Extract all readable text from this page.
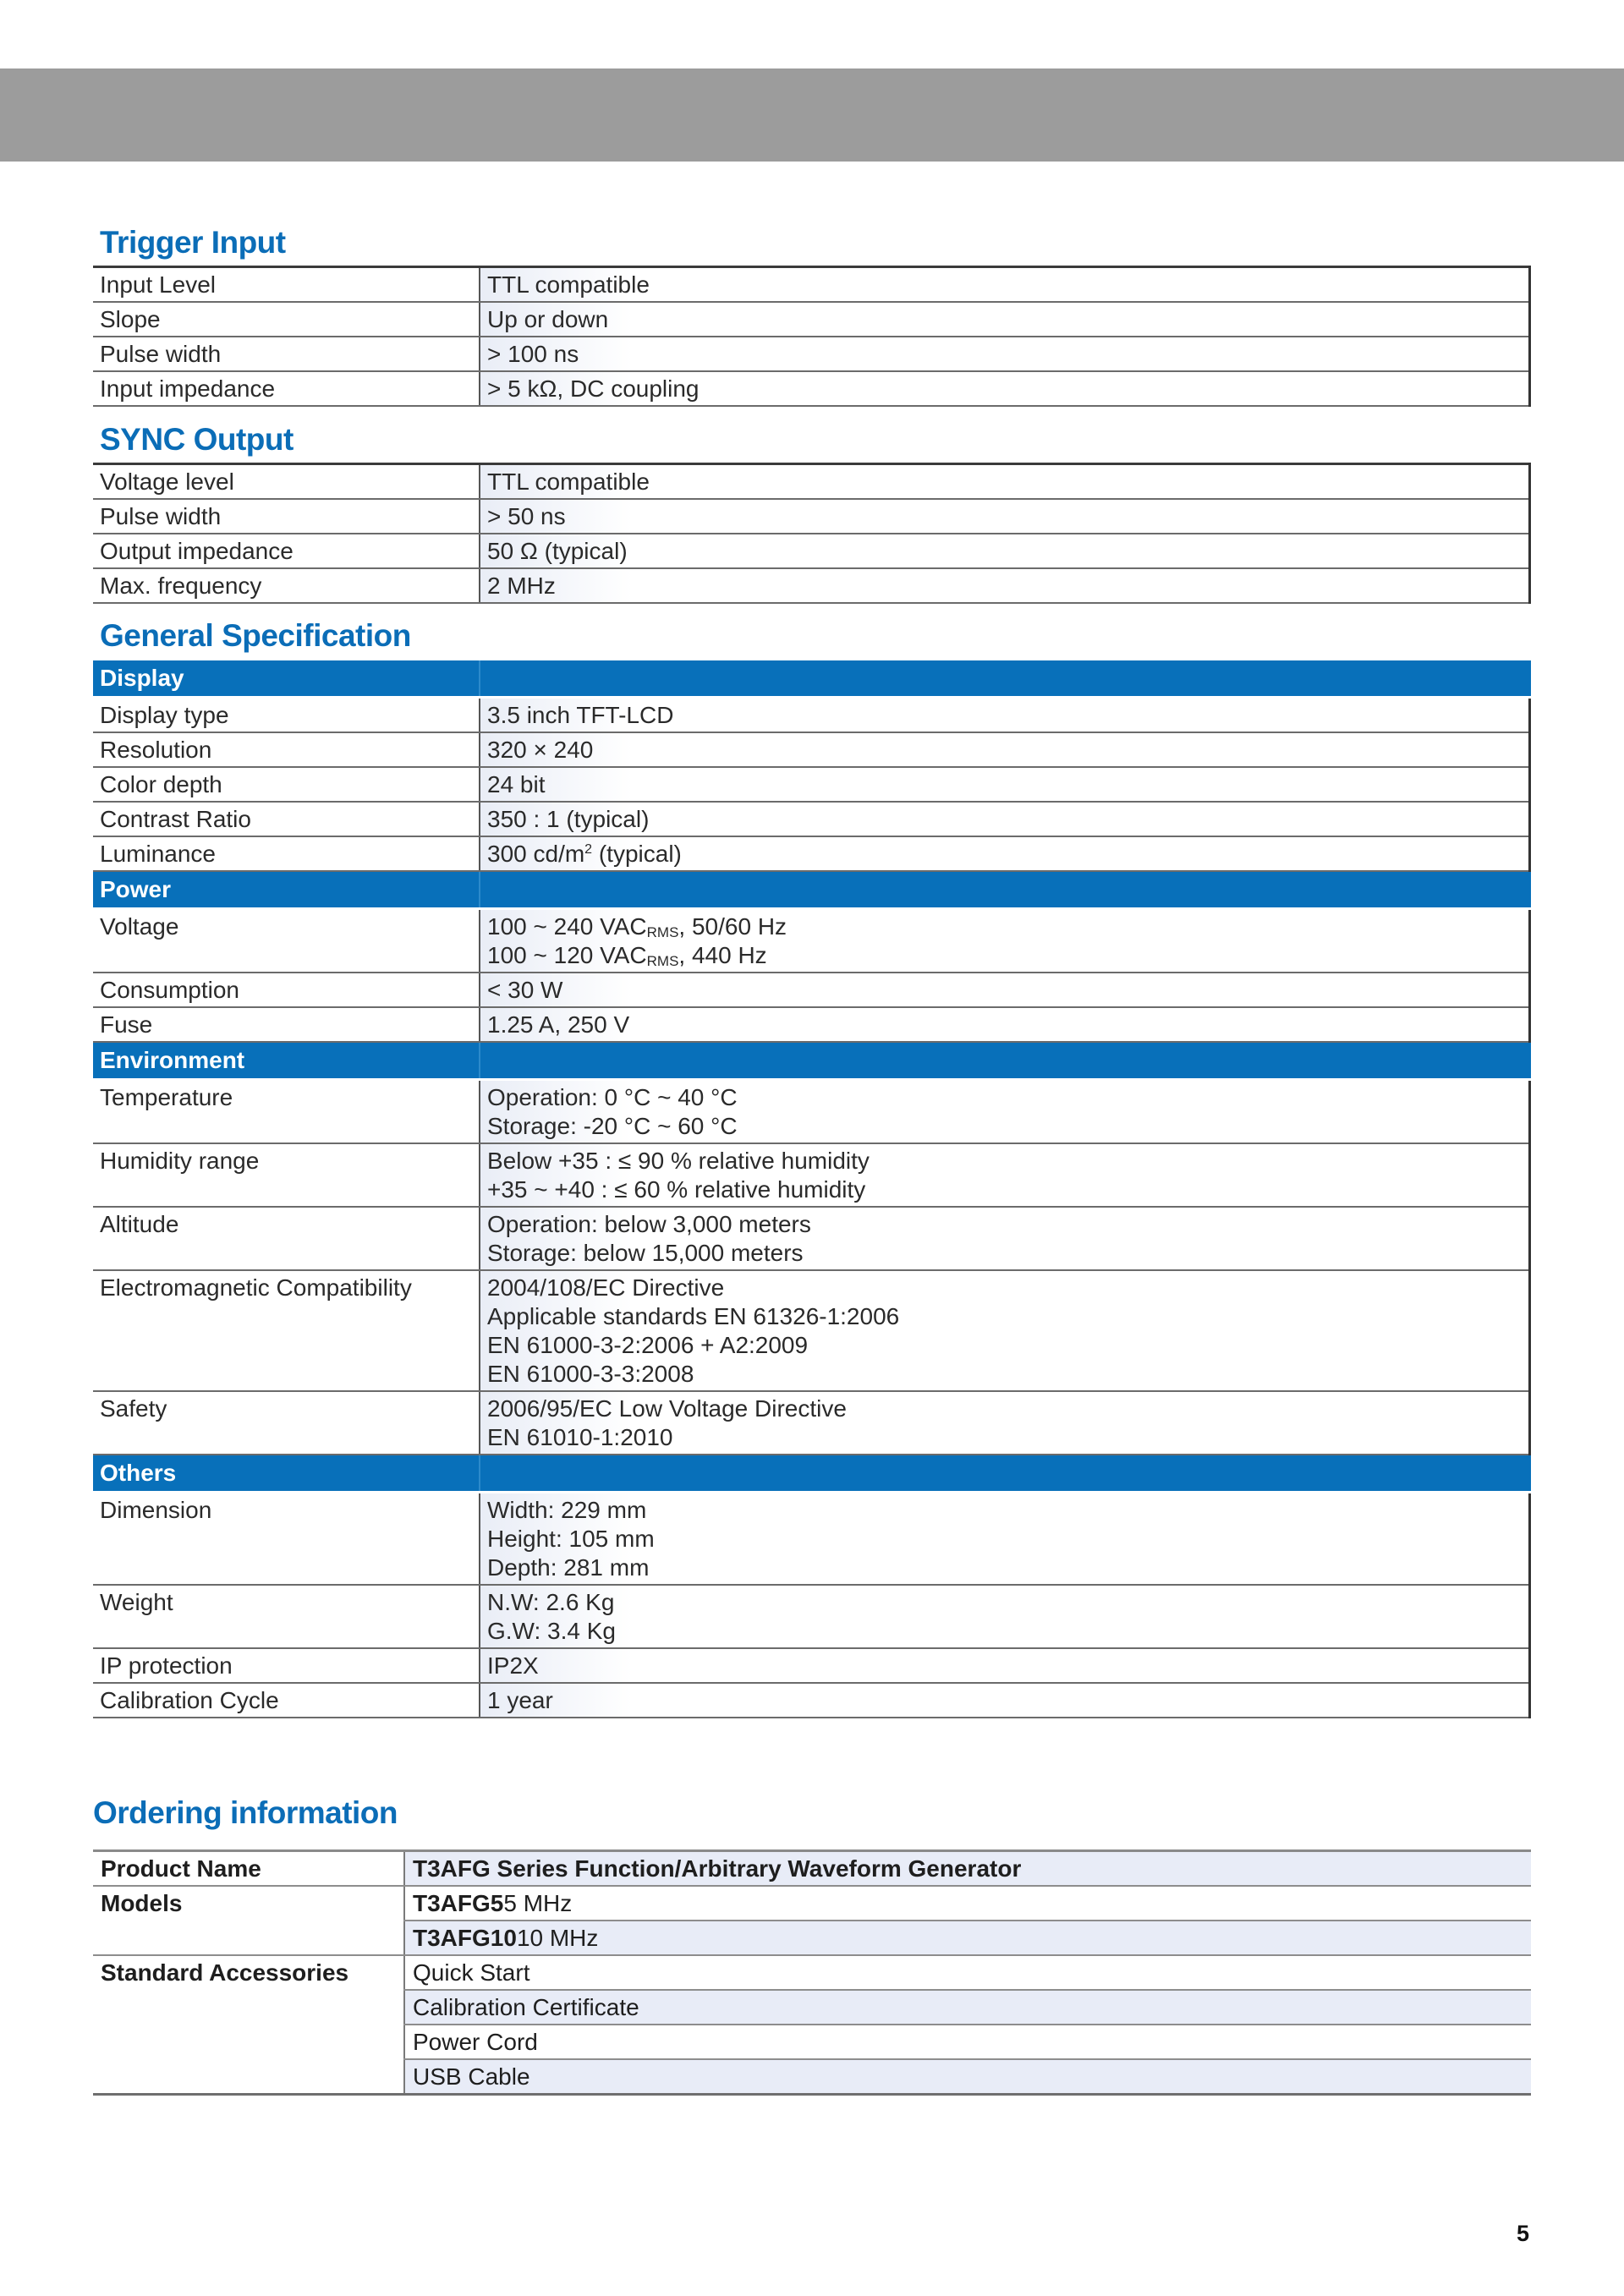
Trigger Input
Input Level	TTL compatible
Slope	Up or down
Pulse width	> 100 ns
Input impedance	> 5 kΩ, DC coupling
SYNC Output
Voltage level	TTL compatible
Pulse width	> 50 ns
Output impedance	50 Ω (typical)
Max. frequency	2 MHz
General Specification
Display	
Display type	3.5 inch TFT-LCD
Resolution	320 × 240
Color depth	24 bit
Contrast Ratio	350 : 1 (typical)
Luminance	300 $cd/m^2$ (typical)
Power	
Voltage	100 ~ 240 $VAC_{RMS}$, 50/60 Hz
100 ~ 120 $VAC_{RMS}$, 440 Hz

Consumption	< 30 W
Fuse	1.25 A, 250 V
Environment	
Temperature	Operation: 0 °C ~ 40 °C
Storage: -20 °C ~ 60 °C

Humidity range	Below +35 : ≤ 90 % relative humidity
+35 ~ +40 : ≤ 60 % relative humidity

Altitude	Operation: below 3,000 meters
Storage: below 15,000 meters

Electromagnetic Compatibility	2004/108/EC Directive
Applicable standards EN 61326-1:2006
EN 61000-3-2:2006 + A2:2009
EN 61000-3-3:2008

Safety	2006/95/EC Low Voltage Directive
EN 61010-1:2010

Others	
Dimension	Width: 229 mm
Height: 105 mm
Depth: 281 mm

Weight	N.W: 2.6 Kg
G.W: 3.4 Kg

IP protection	IP2X
Calibration Cycle	1 year
Ordering information
Product Name	T3AFG Series Function/Arbitrary Waveform Generator
Models	T3AFG55 MHz
	T3AFG1010 MHz
Standard Accessories	Quick Start
	Calibration Certificate
	Power Cord
	USB Cable
5
